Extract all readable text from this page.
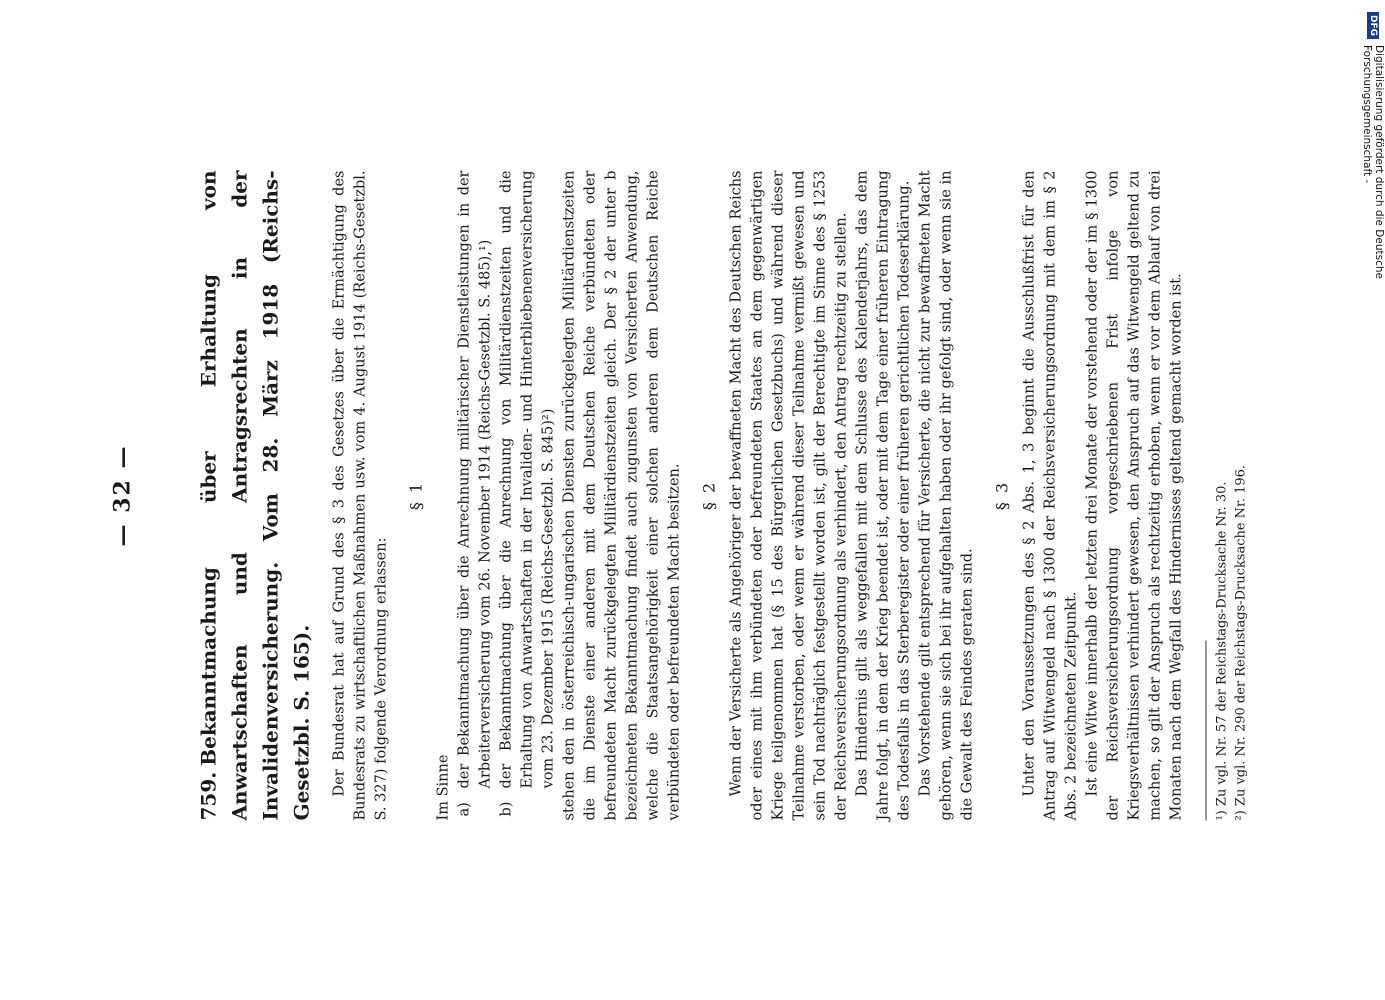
— 32 —
759.Bekanntmachung über Erhaltung von Anwartschaften und Antragsrechten in der Invalidenversicherung. Vom 28. März 1918 (Reichs-Gesetzbl. S. 165). Der Bundesrat hat auf Grund des § 3 des Gesetzes über die Ermächtigung des Bundesrats zu wirtschaftlichen Maßnahmen usw. vom 4. August 1914 (Reichs-Gesetzbl. S. 327) folgende Verordnung erlassen:

§ 1

Im Sinne a)
der Bekanntmachung über die Anrechnung militärischer Dienstleistungen in der Arbeiterversicherung vom 26. November 1914 (Reichs-Gesetzbl. S. 485),¹)
b)
der Bekanntmachung über die Anrechnung von Militärdienstzeiten und die Erhaltung von Anwartschaften in der Invaliden- und Hinterbliebenenversicherung vom 23. Dezember 1915 (Reichs-Gesetzbl. S. 845)²) stehen den in österreichisch-ungarischen Diensten zurückgelegten Militärdienstzeiten die im Dienste einer anderen mit dem Deutschen Reiche verbündeten oder befreundeten Macht zurückgelegten Militärdienstzeiten gleich. Der § 2 der unter b bezeichneten Bekanntmachung findet auch zugunsten von Versicherten Anwendung, welche die Staatsangehörigkeit einer solchen anderen dem Deutschen Reiche verbündeten oder befreundeten Macht besitzen. § 2 Wenn der Versicherte als Angehöriger der bewaffneten Macht des Deutschen Reichs oder eines mit ihm verbündeten oder befreundeten Staates an dem gegenwärtigen Kriege teilgenommen hat (§ 15 des Bürgerlichen Gesetzbuchs) und während dieser Teilnahme verstorben, oder wenn er während dieser Teilnahme vermißt gewesen und sein Tod nachträglich festgestellt worden ist, gilt der Berechtigte im Sinne des § 1253 der Reichsversicherungsordnung als verhindert, den Antrag rechtzeitig zu stellen. Das Hindernis gilt als weggefallen mit dem Schlusse des Kalenderjahrs, das dem Jahre folgt, in dem der Krieg beendet ist, oder mit dem Tage einer früheren Eintragung des Todesfalls in das Sterberegister oder einer früheren gerichtlichen Todeserklärung. Das Vorstehende gilt entsprechend für Versicherte, die nicht zur bewaffneten Macht gehören, wenn sie sich bei ihr aufgehalten haben oder ihr gefolgt sind, oder wenn sie in die Gewalt des Feindes geraten sind.

§ 3 Unter den Voraussetzungen des § 2 Abs. 1, 3 beginnt die Ausschlußfrist für den Antrag auf Witwengeld nach § 1300 der Reichsversicherungsordnung mit dem im § 2 Abs. 2 bezeichneten Zeitpunkt. Ist eine Witwe innerhalb der letzten drei Monate der vorstehend oder der im § 1300 der Reichsversicherungsordnung vorgeschriebenen Frist infolge von Kriegsverhältnissen verhindert gewesen, den Anspruch auf das Witwengeld geltend zu machen, so gilt der Anspruch als rechtzeitig erhoben, wenn er vor dem Ablauf von drei Monaten nach dem Wegfall des Hindernisses geltend gemacht worden ist. ¹) Zu vgl. Nr. 57 der Reichstags-Drucksache Nr. 30. ²) Zu vgl. Nr. 290 der Reichstags-Drucksache Nr. 196.
DFG
Digitalisierung gefördert durch die Deutsche Forschungsgemeinschaft -
